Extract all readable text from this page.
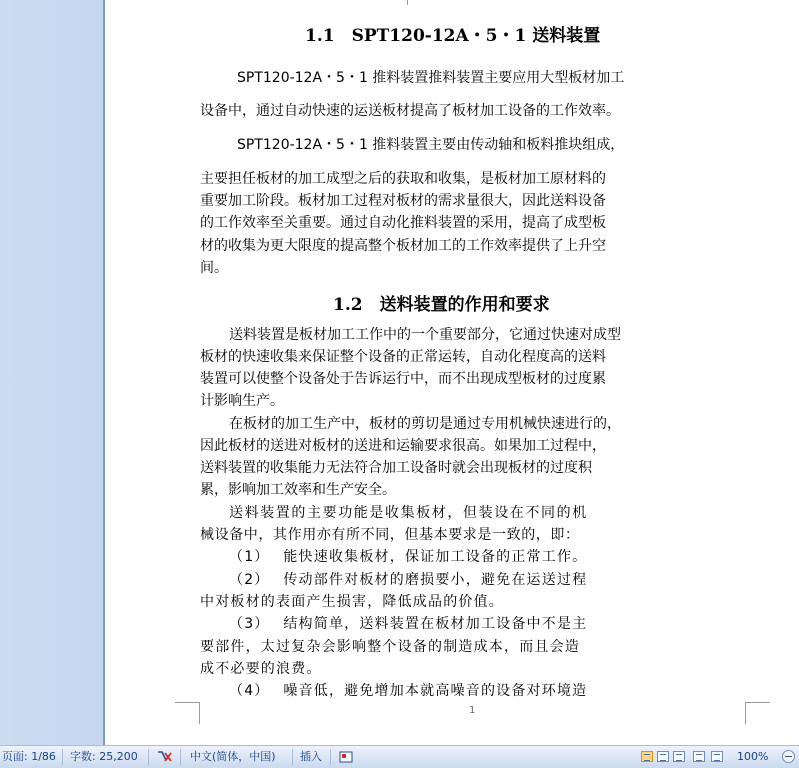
1.1　SPT120-12A・5・1 送料装置
SPT120-12A・5・1 推料装置推料装置主要应用大型板材加工
设备中，通过自动快速的运送板材提高了板材加工设备的工作效率。
SPT120-12A・5・1 推料装置主要由传动轴和板料推块组成，
主要担任板材的加工成型之后的获取和收集，是板材加工原材料的
重要加工阶段。板材加工过程对板材的需求量很大，因此送料设备
的工作效率至关重要。通过自动化推料装置的采用，提高了成型板
材的收集为更大限度的提高整个板材加工的工作效率提供了上升空
间。
1.2　送料装置的作用和要求
送料装置是板材加工工作中的一个重要部分，它通过快速对成型
板材的快速收集来保证整个设备的正常运转，自动化程度高的送料
装置可以使整个设备处于告诉运行中，而不出现成型板材的过度累
计影响生产。
在板材的加工生产中，板材的剪切是通过专用机械快速进行的，
因此板材的送进对板材的送进和运输要求很高。如果加工过程中，
送料装置的收集能力无法符合加工设备时就会出现板材的过度积
累，影响加工效率和生产安全。
送料装置的主要功能是收集板材，但装设在不同的机
械设备中，其作用亦有所不同，但基本要求是一致的，即：
（1）　 能快速收集板材，保证加工设备的正常工作。
（2）　 传动部件对板材的磨损要小，避免在运送过程
中对板材的表面产生损害，降低成品的价值。
（3）　 结构简单，送料装置在板材加工设备中不是主
要部件，太过复杂会影响整个设备的制造成本，而且会造
成不必要的浪费。
（4）　 噪音低，避免增加本就高噪音的设备对环境造
1
页面: 1/86 字数: 25,200	中文(简体，中国) 插入	100%
